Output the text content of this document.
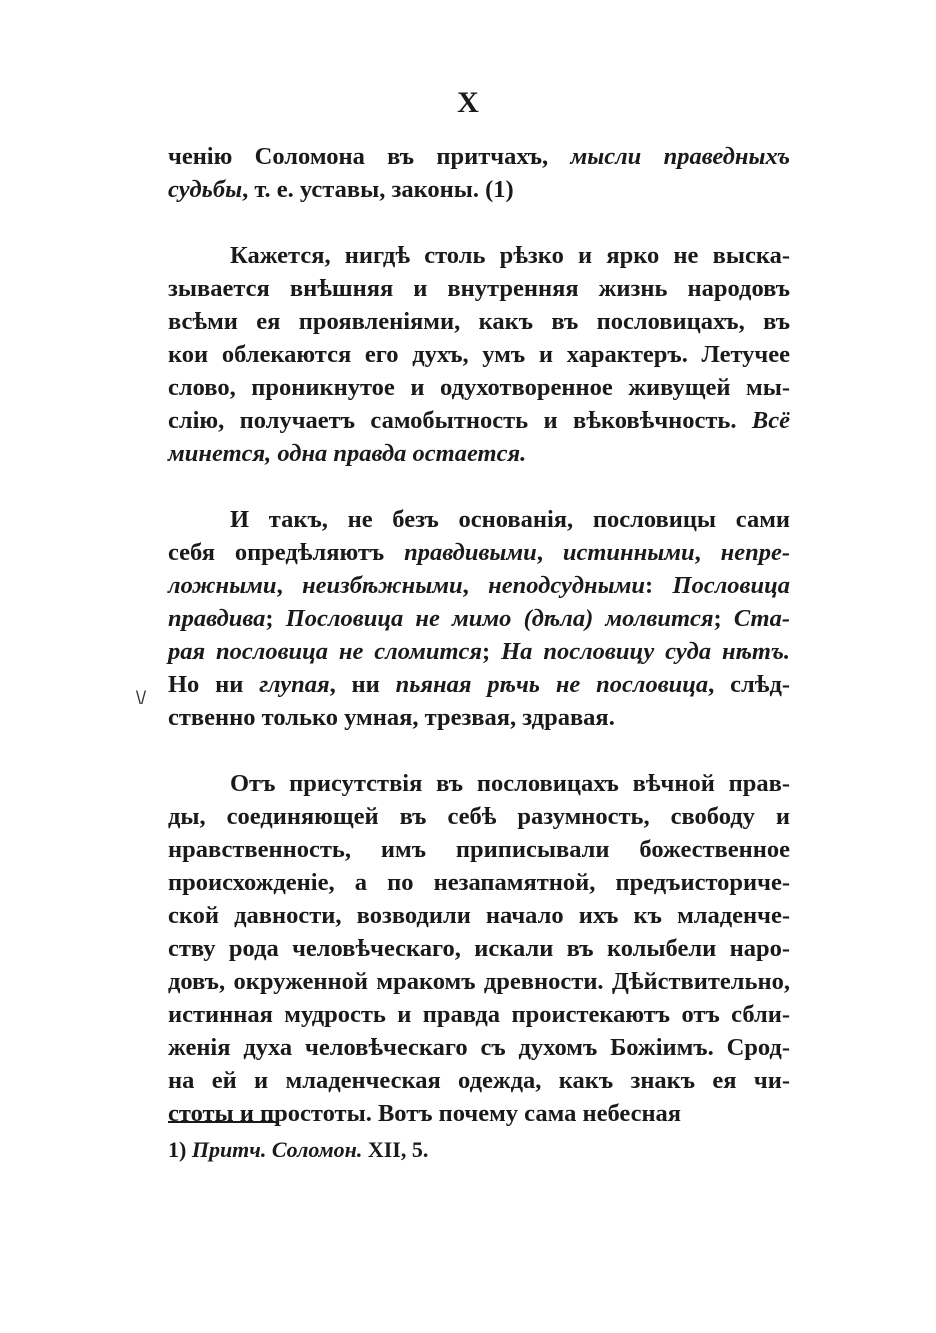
X
ченію Соломона въ притчахъ, мысли праведныхъ
судьбы, т. е. уставы, законы. (1)
Кажется, нигдѣ столь рѣзко и ярко не выска-
зывается внѣшняя и внутренняя жизнь народовъ
всѣми ея проявленіями, какъ въ пословицахъ, въ
кои облекаются его духъ, умъ и характеръ. Летучее
слово, проникнутое и одухотворенное живущей мы-
слію, получаетъ самобытность и вѣковѣчность. Всё
минется, одна правда остается.
И такъ, не безъ основанія, пословицы сами
себя опредѣляютъ правдивыми, истинными, непре-
ложными, неизбѣжными, неподсудными: Пословица
правдива; Пословица не мимо (дѣла) молвится; Ста-
рая пословица не сломится; На пословицу суда нѣтъ.
Но ни глупая, ни пьяная рѣчь не пословица, слѣд-
ственно только умная, трезвая, здравая.
Отъ присутствія въ пословицахъ вѣчной прав-
ды, соединяющей въ себѣ разумность, свободу и
нравственность, имъ приписывали божественное
происхожденіе, а по незапамятной, предъисториче-
ской давности, возводили начало ихъ къ младенче-
ству рода человѣческаго, искали въ колыбели наро-
довъ, окруженной мракомъ древности. Дѣйствительно,
истинная мудрость и правда проистекаютъ отъ сбли-
женія духа человѣческаго съ духомъ Божіимъ. Срод-
на ей и младенческая одежда, какъ знакъ ея чи-
стоты и простоты. Вотъ почему сама небесная
\/
1) Притч. Соломон. XII, 5.
